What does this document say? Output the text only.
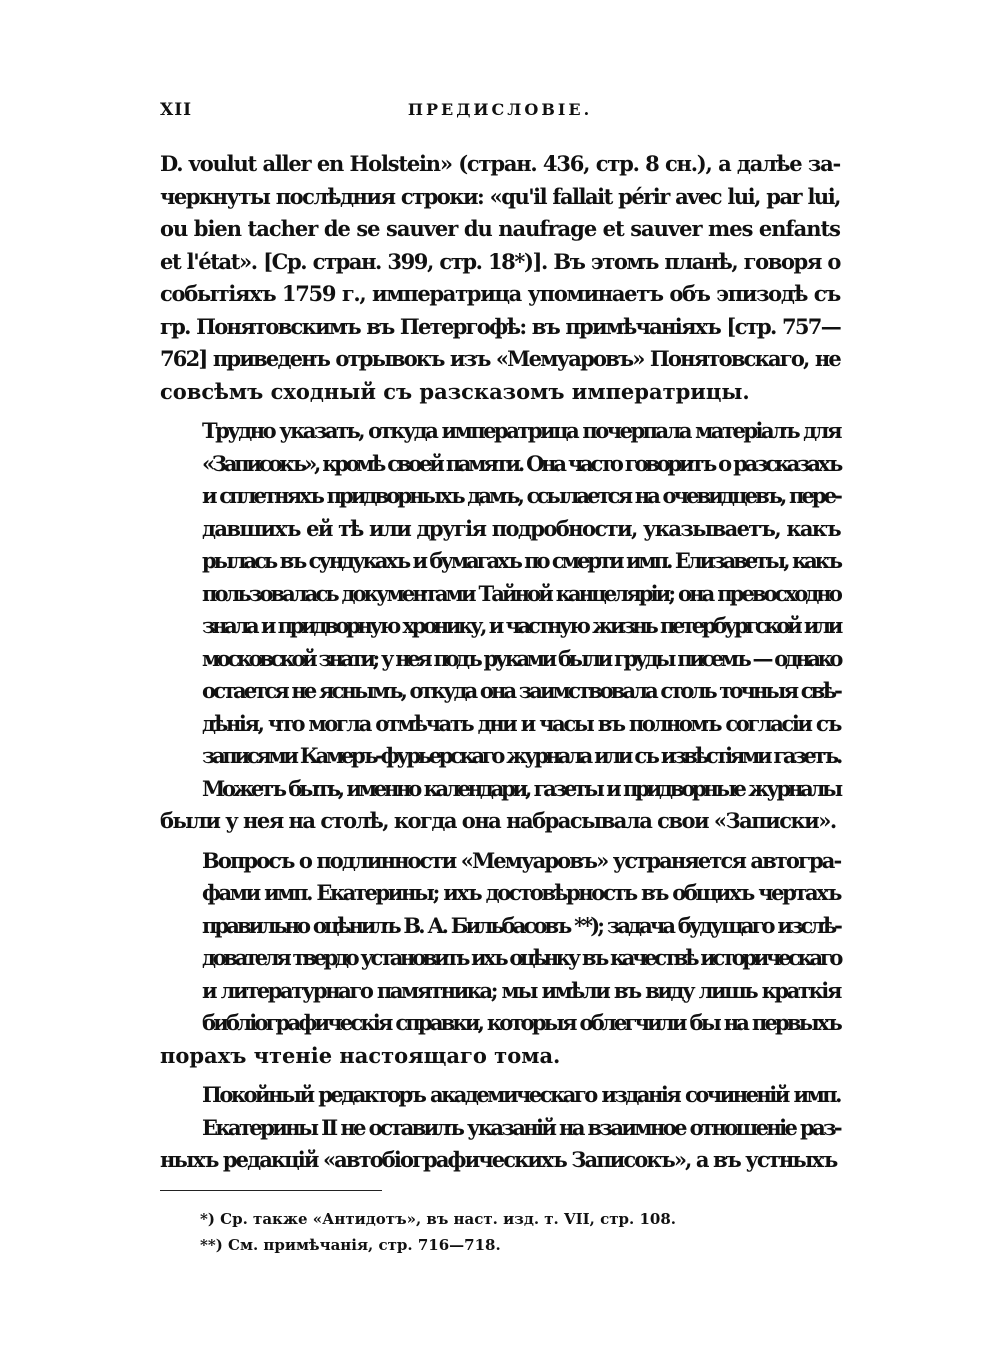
XII	ПРЕДИСЛОВІЕ.
D. voulut aller en Holstein» (стран. 436, стр. 8 сн.), а далѣе за-
черкнуты послѣдния строки: «qu'il fallait périr avec lui, par lui,
ou bien tacher de se sauver du naufrage et sauver mes enfants
et l'état». [Ср. стран. 399, стр. 18*)]. Въ этомъ планѣ, говоря о
событіяхъ 1759 г., императрица упоминаетъ объ эпизодѣ съ
гр. Понятовскимъ въ Петергофѣ: въ примѣчаніяхъ [стр. 757—
762] приведенъ отрывокъ изъ «Мемуаровъ» Понятовскаго, не
совсѣмъ сходный съ разсказомъ императрицы.
Трудно указать, откуда императрица почерпала матеріалъ для
«Записокъ», кромѣ своей памяти. Она часто говоритъ о разсказахъ
и сплетняхъ придворныхъ дамъ, ссылается на очевидцевъ, пере-
давшихъ ей тѣ или другія подробности, указываетъ, какъ
рылась въ сундукахъ и бумагахъ по смерти имп. Елизаветы, какъ
пользовалась документами Тайной канцеляріи; она превосходно
знала и придворную хронику, и частную жизнь петербургской или
московской знати; у нея подъ руками были груды писемъ — однако
остается не яснымъ, откуда она заимствовала столь точныя свѣ-
дѣнія, что могла отмѣчать дни и часы въ полномъ согласіи съ
записями Камеръ-фурьерскаго журнала или съ извѣстіями газетъ.
Можетъ быть, именно календари, газеты и придворные журналы
были у нея на столѣ, когда она набрасывала свои «Записки».
Вопросъ о подлинности «Мемуаровъ» устраняется автогра-
фами имп. Екатерины; ихъ достовѣрность въ общихъ чертахъ
правильно оцѣнилъ В. А. Бильбасовъ **); задача будущаго изслѣ-
дователя твердо установить ихъ оцѣнку въ качествѣ историческаго
и литературнаго памятника; мы имѣли въ виду лишь краткія
библіографическія справки, которыя облегчили бы на первыхъ
порахъ чтеніе настоящаго тома.
Покойный редакторъ академическаго изданія сочиненій имп.
Екатерины II не оставилъ указаній на взаимное отношеніе раз-
ныхъ редакцій «автобіографическихъ Записокъ», а въ устныхъ
*) Ср. также «Антидотъ», въ наст. изд. т. VII, стр. 108.
**) См. примѣчанія, стр. 716—718.
